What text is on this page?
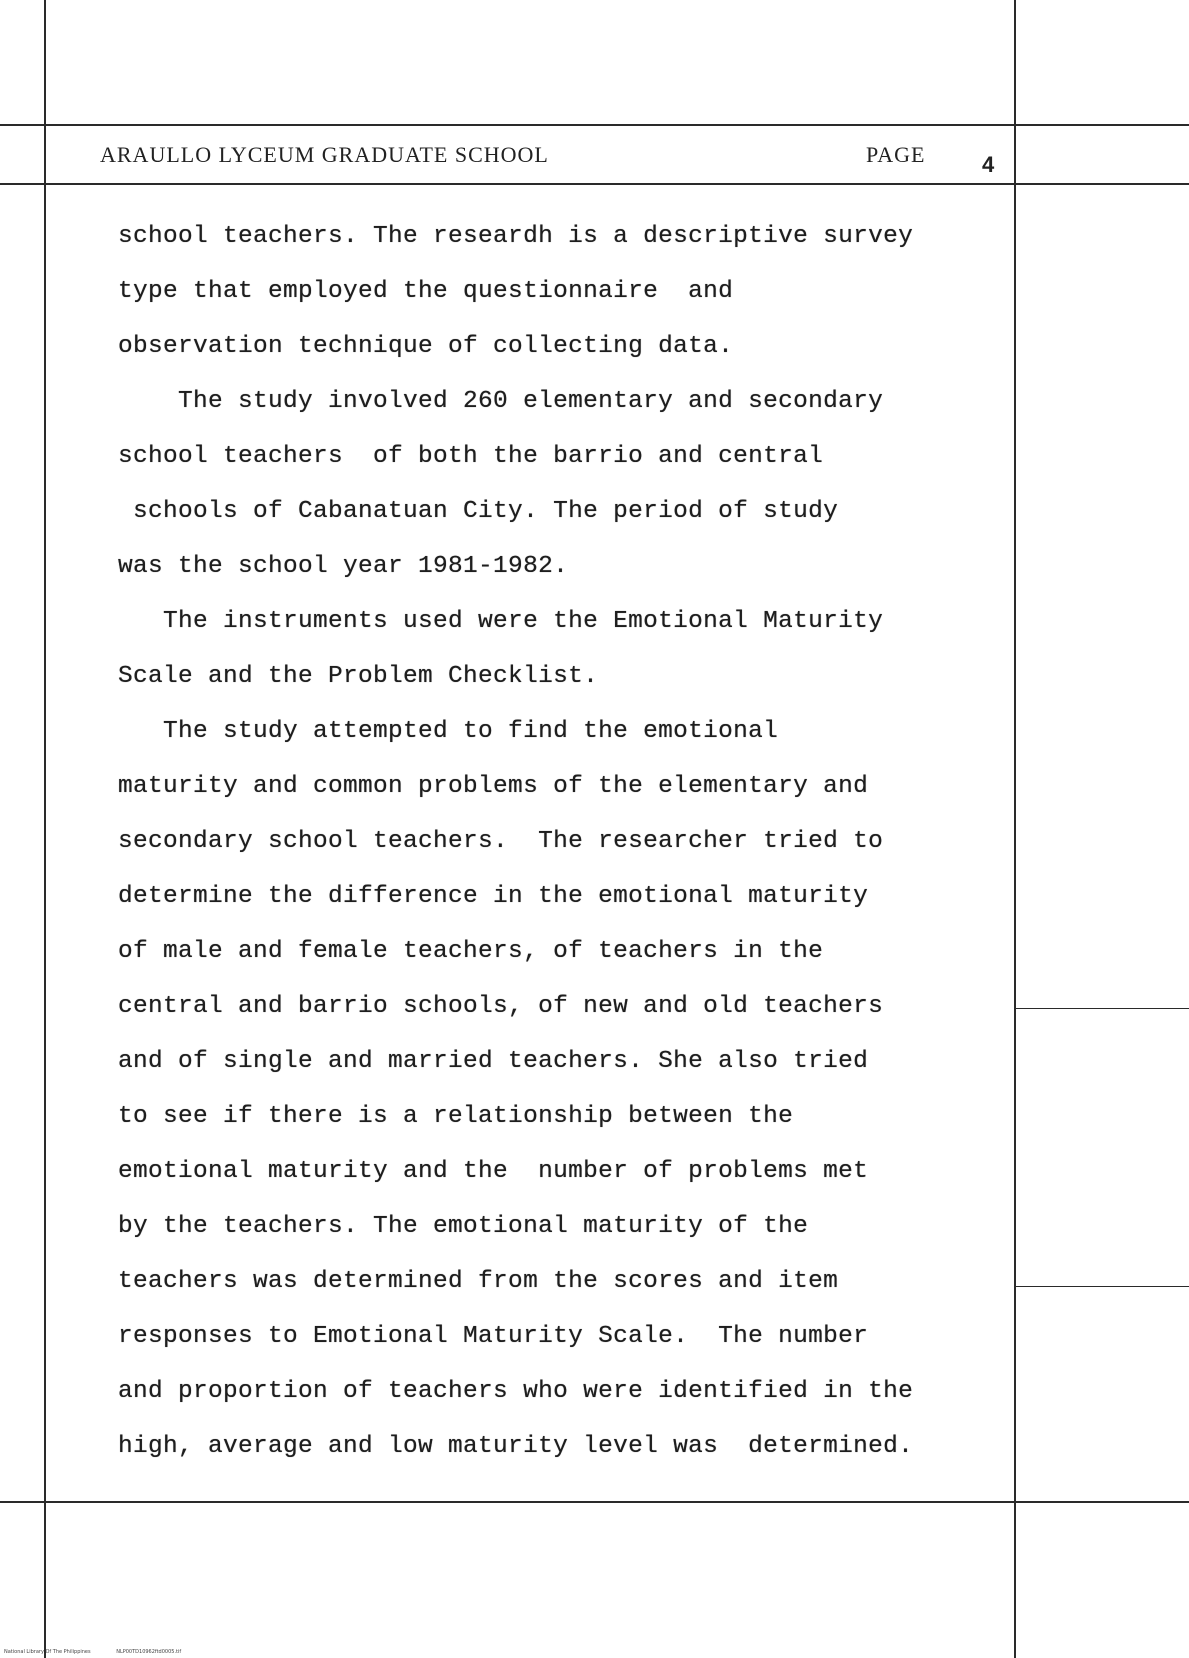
ARAULLO LYCEUM GRADUATE SCHOOL	PAGE	4
school teachers. The researdh is a descriptive survey
type that employed the questionnaire  and
observation technique of collecting data.
The study involved 260 elementary and secondary
school teachers  of both the barrio and central
schools of Cabanatuan City. The period of study
was the school year 1981-1982.
The instruments used were the Emotional Maturity
Scale and the Problem Checklist.
The study attempted to find the emotional
maturity and common problems of the elementary and
secondary school teachers.  The researcher tried to
determine the difference in the emotional maturity
of male and female teachers, of teachers in the
central and barrio schools, of new and old teachers
and of single and married teachers. She also tried
to see if there is a relationship between the
emotional maturity and the  number of problems met
by the teachers. The emotional maturity of the
teachers was determined from the scores and item
responses to Emotional Maturity Scale.  The number
and proportion of teachers who were identified in the
high, average and low maturity level was  determined.
National Library Of The Philippines	NLP00TD10962ftd0005.tif
